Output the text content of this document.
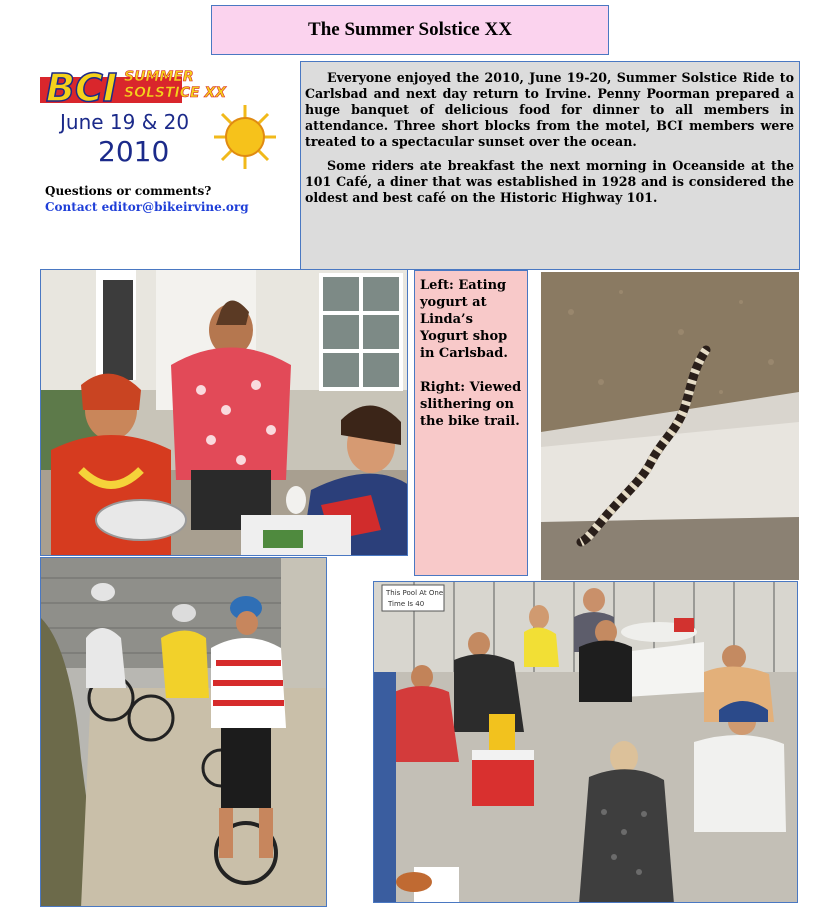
The Summer Solstice XX
BCI SUMMER
SOLSTICE XX
June 19 & 20
2010
Questions or comments?
Contact editor@bikeirvine.org

Everyone enjoyed the 2010, June 19-20, Summer Solstice Ride to Carlsbad and next day return to Irvine. Penny Poorman prepared a huge banquet of delicious food for dinner to all members in attendance. Three short blocks from the motel, BCI members were treated to a spectacular sunset over the ocean.

Some riders ate breakfast the next morning in Oceanside at the 101 Café, a diner that was established in 1928 and is considered the oldest and best café on the Historic Highway 101.

Left: Eating yogurt at Linda’s Yogurt shop in Carlsbad.

Right: Viewed slithering on the bike trail.

This Pool At One
Time Is 40
